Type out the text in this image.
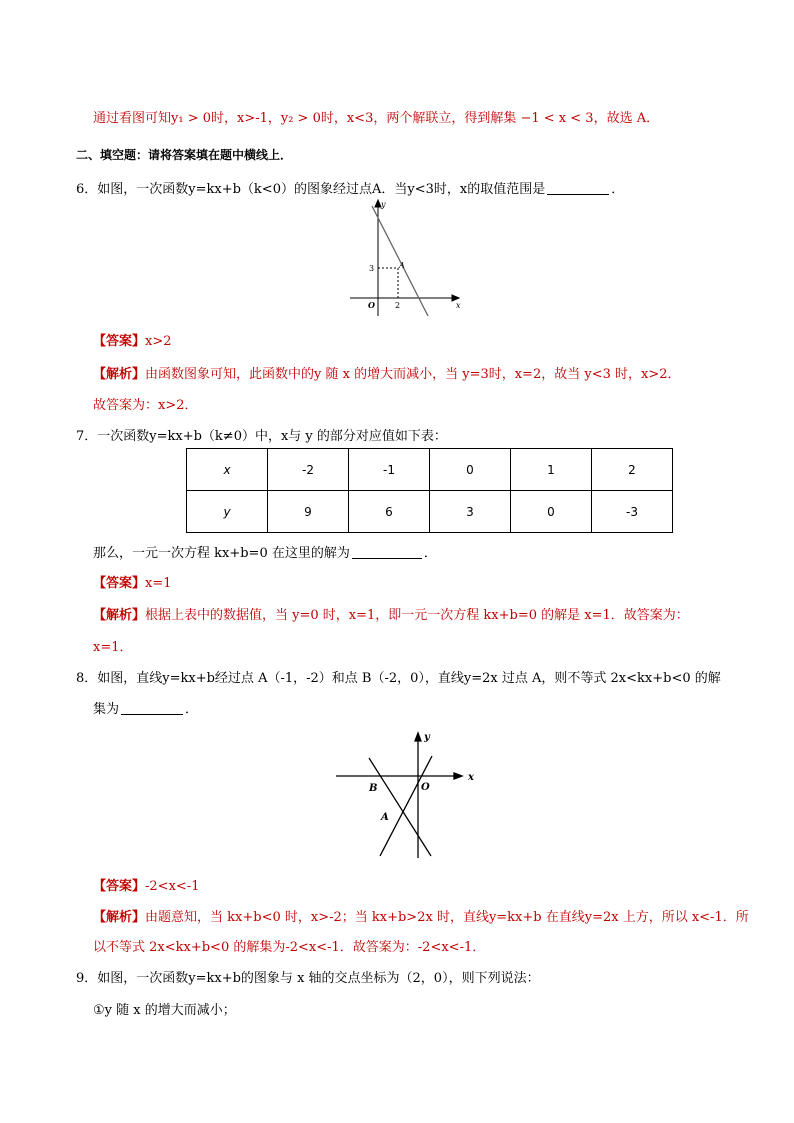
通过看图可知y₁ > 0时，x>-1，y₂ > 0时，x<3，两个解联立，得到解集 −1 < x < 3，故选 A．
二、填空题：请将答案填在题中横线上．
6．如图，一次函数y=kx+b（k<0）的图象经过点A．当y<3时，x的取值范围是	．
y
x
O
A
3
2
【答案】x>2
【解析】由函数图象可知，此函数中的y 随 x 的增大而减小，当 y=3时，x=2，故当 y<3 时，x>2．
故答案为：x>2．
7．一次函数y=kx+b（k≠0）中，x与 y 的部分对应值如下表：
x	-2	-1	0	1	2
y	9	6	3	0	-3
那么，一元一次方程 kx+b=0 在这里的解为	．
【答案】x=1
【解析】根据上表中的数据值，当 y=0 时，x=1，即一元一次方程 kx+b=0 的解是 x=1．故答案为：
x=1．
8．如图，直线y=kx+b经过点 A（-1，-2）和点 B（-2，0），直线y=2x 过点 A，则不等式 2x<kx+b<0 的解
集为	．
y
x
O
B
A
【答案】-2<x<-1
【解析】由题意知，当 kx+b<0 时，x>-2；当 kx+b>2x 时，直线y=kx+b 在直线y=2x 上方，所以 x<-1．所
以不等式 2x<kx+b<0 的解集为-2<x<-1．故答案为：-2<x<-1．
9．如图，一次函数y=kx+b的图象与 x 轴的交点坐标为（2，0），则下列说法：
①y 随 x 的增大而减小；
